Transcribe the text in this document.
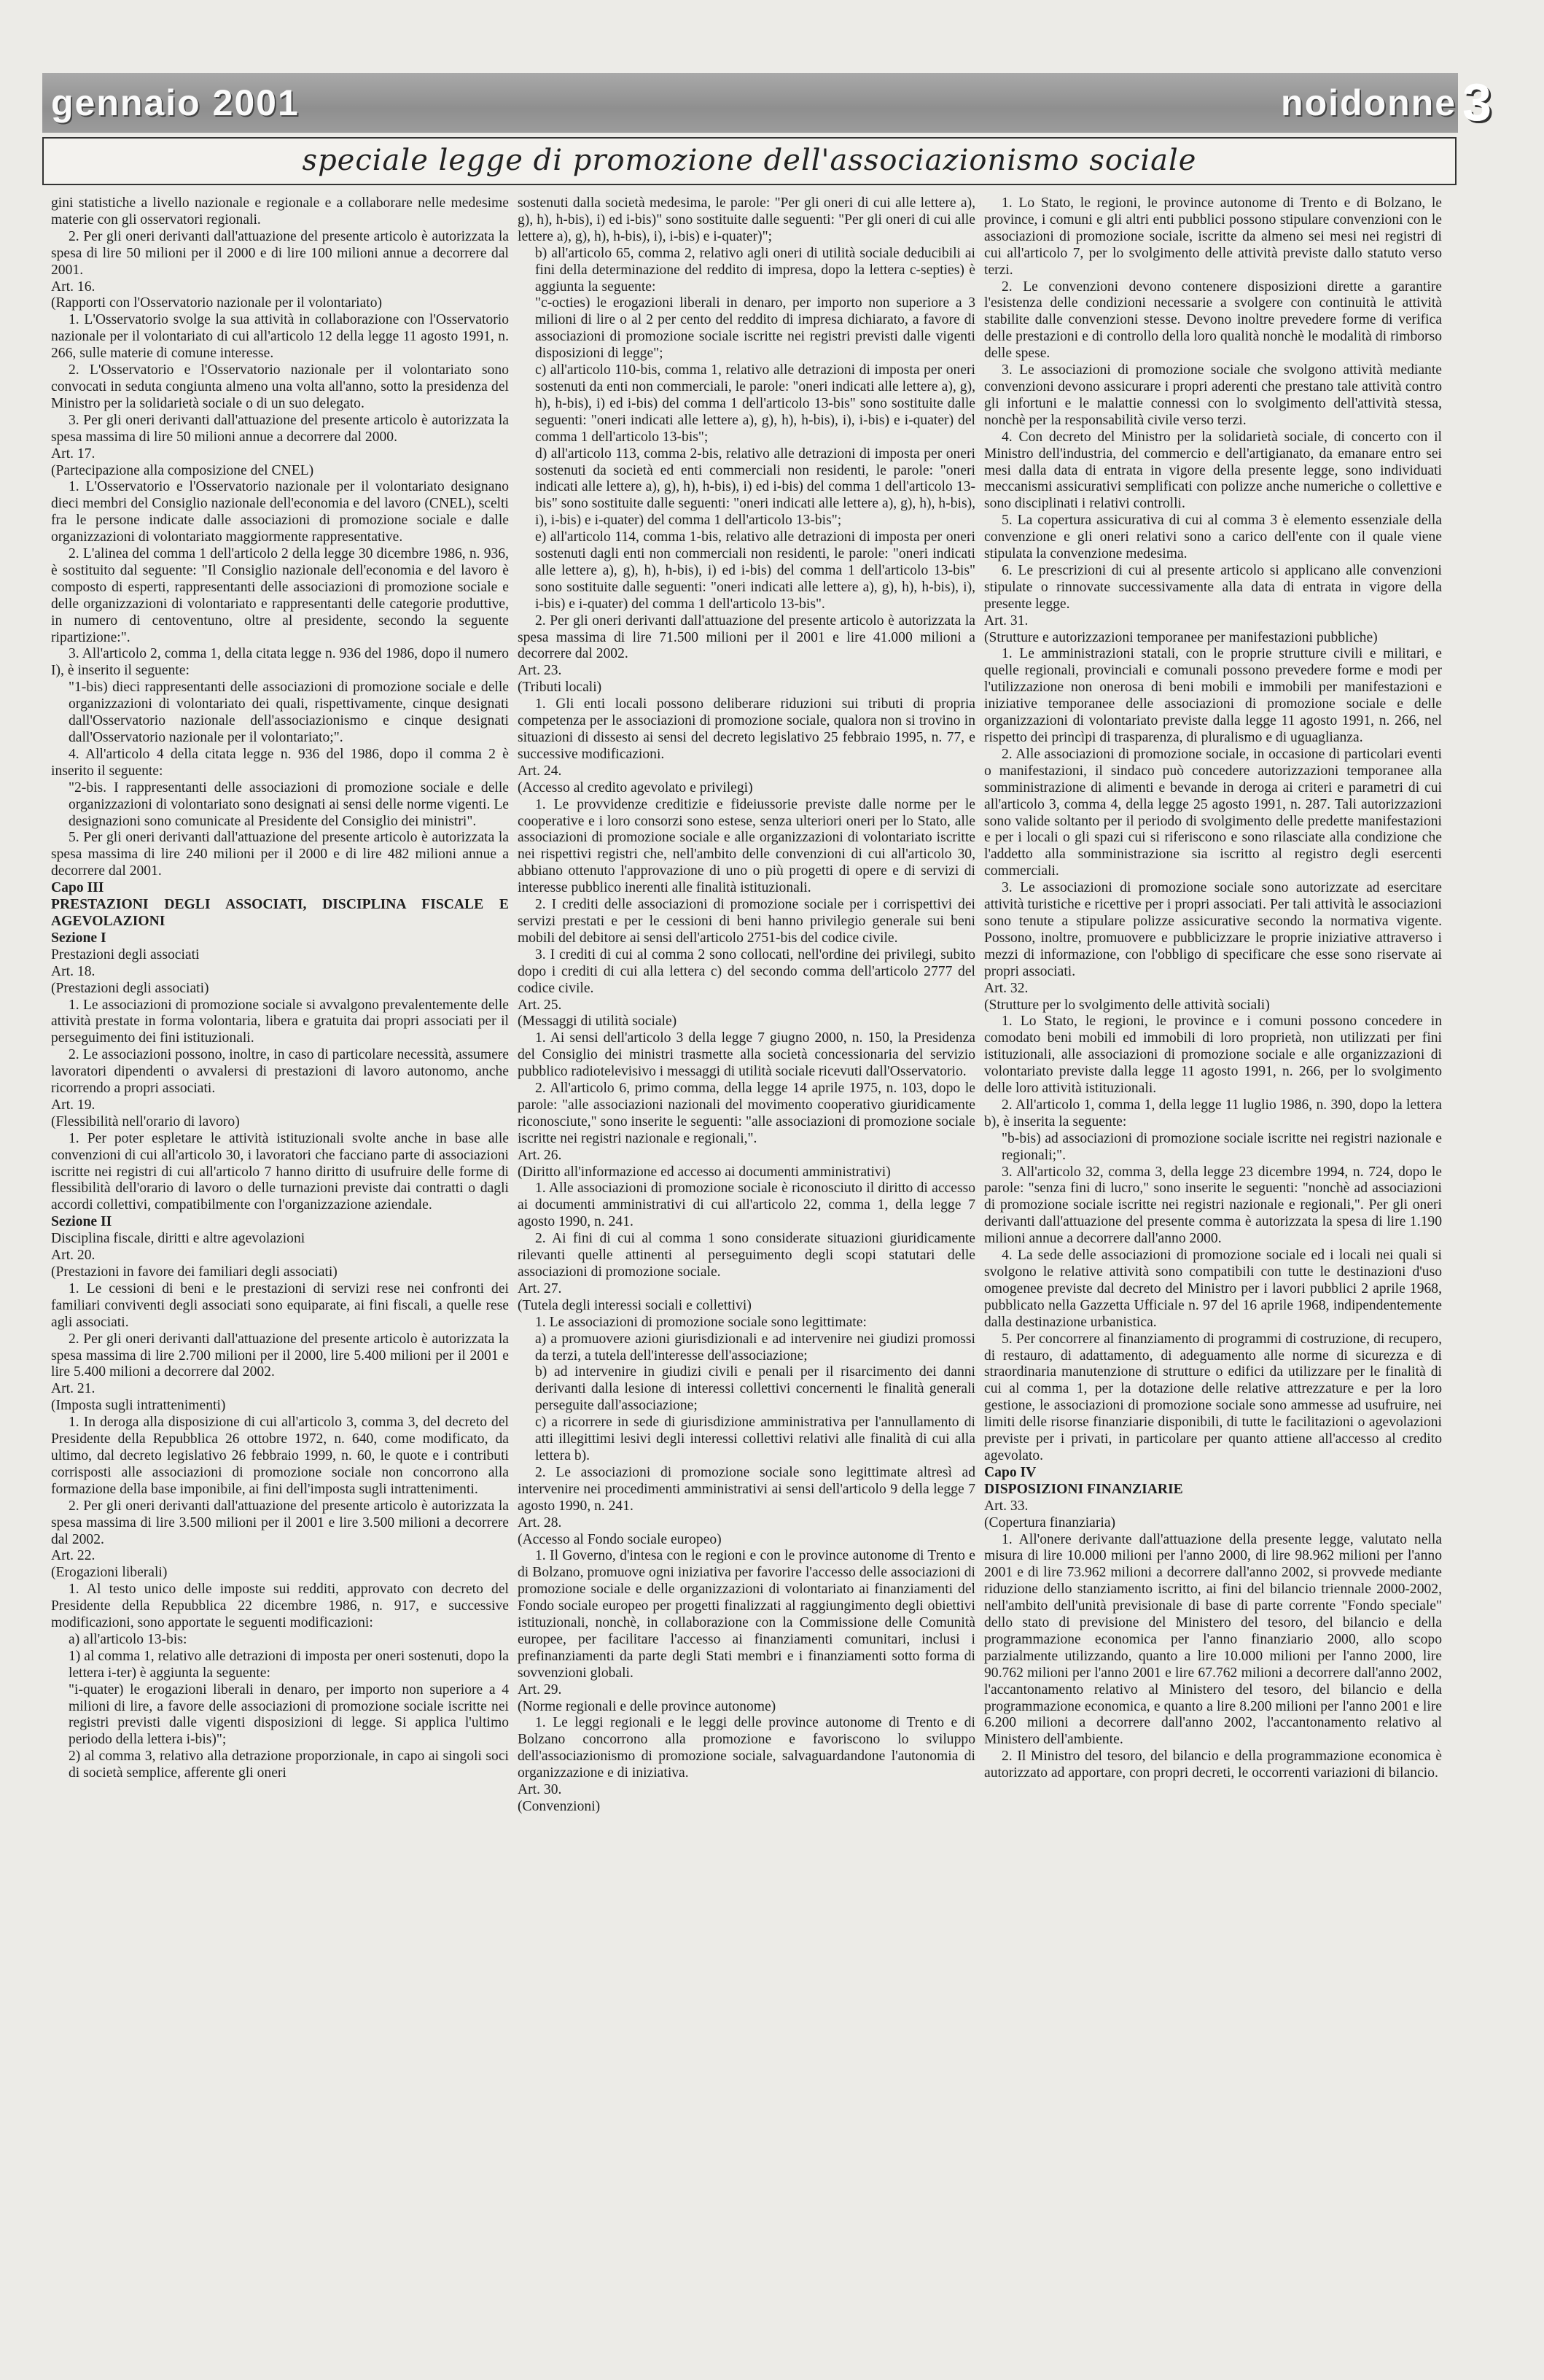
gennaio 2001	noidonne 3
speciale legge di promozione dell'associazionismo sociale

gini statistiche a livello nazionale e regionale e a collaborare nelle medesime materie con gli osservatori regionali.

2. Per gli oneri derivanti dall'attuazione del presente articolo è autorizzata la spesa di lire 50 milioni per il 2000 e di lire 100 milioni annue a decorrere dal 2001.

Art. 16.

(Rapporti con l'Osservatorio nazionale per il volontariato)

1. L'Osservatorio svolge la sua attività in collaborazione con l'Osservatorio nazionale per il volontariato di cui all'articolo 12 della legge 11 agosto 1991, n. 266, sulle materie di comune interesse.

2. L'Osservatorio e l'Osservatorio nazionale per il volontariato sono convocati in seduta congiunta almeno una volta all'anno, sotto la presidenza del Ministro per la solidarietà sociale o di un suo delegato.

3. Per gli oneri derivanti dall'attuazione del presente articolo è autorizzata la spesa massima di lire 50 milioni annue a decorrere dal 2000.

Art. 17.

(Partecipazione alla composizione del CNEL)

1. L'Osservatorio e l'Osservatorio nazionale per il volontariato designano dieci membri del Consiglio nazionale dell'economia e del lavoro (CNEL), scelti fra le persone indicate dalle associazioni di promozione sociale e dalle organizzazioni di volontariato maggiormente rappresentative.

2. L'alinea del comma 1 dell'articolo 2 della legge 30 dicembre 1986, n. 936, è sostituito dal seguente: "Il Consiglio nazionale dell'economia e del lavoro è composto di esperti, rappresentanti delle associazioni di promozione sociale e delle organizzazioni di volontariato e rappresentanti delle categorie produttive, in numero di centoventuno, oltre al presidente, secondo la seguente ripartizione:".

3. All'articolo 2, comma 1, della citata legge n. 936 del 1986, dopo il numero I), è inserito il seguente:

"1-bis) dieci rappresentanti delle associazioni di promozione sociale e delle organizzazioni di volontariato dei quali, rispettivamente, cinque designati dall'Osservatorio nazionale dell'associazionismo e cinque designati dall'Osservatorio nazionale per il volontariato;".

4. All'articolo 4 della citata legge n. 936 del 1986, dopo il comma 2 è inserito il seguente:

"2-bis. I rappresentanti delle associazioni di promozione sociale e delle organizzazioni di volontariato sono designati ai sensi delle norme vigenti. Le designazioni sono comunicate al Presidente del Consiglio dei ministri".

5. Per gli oneri derivanti dall'attuazione del presente articolo è autorizzata la spesa massima di lire 240 milioni per il 2000 e di lire 482 milioni annue a decorrere dal 2001.

Capo III

PRESTAZIONI DEGLI ASSOCIATI, DISCIPLINA FISCALE E AGEVOLAZIONI

Sezione I

Prestazioni degli associati

Art. 18.

(Prestazioni degli associati)

1. Le associazioni di promozione sociale si avvalgono prevalentemente delle attività prestate in forma volontaria, libera e gratuita dai propri associati per il perseguimento dei fini istituzionali.

2. Le associazioni possono, inoltre, in caso di particolare necessità, assumere lavoratori dipendenti o avvalersi di prestazioni di lavoro autonomo, anche ricorrendo a propri associati.

Art. 19.

(Flessibilità nell'orario di lavoro)

1. Per poter espletare le attività istituzionali svolte anche in base alle convenzioni di cui all'articolo 30, i lavoratori che facciano parte di associazioni iscritte nei registri di cui all'articolo 7 hanno diritto di usufruire delle forme di flessibilità dell'orario di lavoro o delle turnazioni previste dai contratti o dagli accordi collettivi, compatibilmente con l'organizzazione aziendale.

Sezione II

Disciplina fiscale, diritti e altre agevolazioni

Art. 20.

(Prestazioni in favore dei familiari degli associati)

1. Le cessioni di beni e le prestazioni di servizi rese nei confronti dei familiari conviventi degli associati sono equiparate, ai fini fiscali, a quelle rese agli associati.

2. Per gli oneri derivanti dall'attuazione del presente articolo è autorizzata la spesa massima di lire 2.700 milioni per il 2000, lire 5.400 milioni per il 2001 e lire 5.400 milioni a decorrere dal 2002.

Art. 21.

(Imposta sugli intrattenimenti)

1. In deroga alla disposizione di cui all'articolo 3, comma 3, del decreto del Presidente della Repubblica 26 ottobre 1972, n. 640, come modificato, da ultimo, dal decreto legislativo 26 febbraio 1999, n. 60, le quote e i contributi corrisposti alle associazioni di promozione sociale non concorrono alla formazione della base imponibile, ai fini dell'imposta sugli intrattenimenti.

2. Per gli oneri derivanti dall'attuazione del presente articolo è autorizzata la spesa massima di lire 3.500 milioni per il 2001 e lire 3.500 milioni a decorrere dal 2002.

Art. 22.

(Erogazioni liberali)

1. Al testo unico delle imposte sui redditi, approvato con decreto del Presidente della Repubblica 22 dicembre 1986, n. 917, e successive modificazioni, sono apportate le seguenti modificazioni:

a) all'articolo 13-bis:

1) al comma 1, relativo alle detrazioni di imposta per oneri sostenuti, dopo la lettera i-ter) è aggiunta la seguente:

"i-quater) le erogazioni liberali in denaro, per importo non superiore a 4 milioni di lire, a favore delle associazioni di promozione sociale iscritte nei registri previsti dalle vigenti disposizioni di legge. Si applica l'ultimo periodo della lettera i-bis)";

2) al comma 3, relativo alla detrazione proporzionale, in capo ai singoli soci di società semplice, afferente gli oneri

sostenuti dalla società medesima, le parole: "Per gli oneri di cui alle lettere a), g), h), h-bis), i) ed i-bis)" sono sostituite dalle seguenti: "Per gli oneri di cui alle lettere a), g), h), h-bis), i), i-bis) e i-quater)";

b) all'articolo 65, comma 2, relativo agli oneri di utilità sociale deducibili ai fini della determinazione del reddito di impresa, dopo la lettera c-septies) è aggiunta la seguente:

"c-octies) le erogazioni liberali in denaro, per importo non superiore a 3 milioni di lire o al 2 per cento del reddito di impresa dichiarato, a favore di associazioni di promozione sociale iscritte nei registri previsti dalle vigenti disposizioni di legge";

c) all'articolo 110-bis, comma 1, relativo alle detrazioni di imposta per oneri sostenuti da enti non commerciali, le parole: "oneri indicati alle lettere a), g), h), h-bis), i) ed i-bis) del comma 1 dell'articolo 13-bis" sono sostituite dalle seguenti: "oneri indicati alle lettere a), g), h), h-bis), i), i-bis) e i-quater) del comma 1 dell'articolo 13-bis";

d) all'articolo 113, comma 2-bis, relativo alle detrazioni di imposta per oneri sostenuti da società ed enti commerciali non residenti, le parole: "oneri indicati alle lettere a), g), h), h-bis), i) ed i-bis) del comma 1 dell'articolo 13-bis" sono sostituite dalle seguenti: "oneri indicati alle lettere a), g), h), h-bis), i), i-bis) e i-quater) del comma 1 dell'articolo 13-bis";

e) all'articolo 114, comma 1-bis, relativo alle detrazioni di imposta per oneri sostenuti dagli enti non commerciali non residenti, le parole: "oneri indicati alle lettere a), g), h), h-bis), i) ed i-bis) del comma 1 dell'articolo 13-bis" sono sostituite dalle seguenti: "oneri indicati alle lettere a), g), h), h-bis), i), i-bis) e i-quater) del comma 1 dell'articolo 13-bis".

2. Per gli oneri derivanti dall'attuazione del presente articolo è autorizzata la spesa massima di lire 71.500 milioni per il 2001 e lire 41.000 milioni a decorrere dal 2002.

Art. 23.

(Tributi locali)

1. Gli enti locali possono deliberare riduzioni sui tributi di propria competenza per le associazioni di promozione sociale, qualora non si trovino in situazioni di dissesto ai sensi del decreto legislativo 25 febbraio 1995, n. 77, e successive modificazioni.

Art. 24.

(Accesso al credito agevolato e privilegi)

1. Le provvidenze creditizie e fideiussorie previste dalle norme per le cooperative e i loro consorzi sono estese, senza ulteriori oneri per lo Stato, alle associazioni di promozione sociale e alle organizzazioni di volontariato iscritte nei rispettivi registri che, nell'ambito delle convenzioni di cui all'articolo 30, abbiano ottenuto l'approvazione di uno o più progetti di opere e di servizi di interesse pubblico inerenti alle finalità istituzionali.

2. I crediti delle associazioni di promozione sociale per i corrispettivi dei servizi prestati e per le cessioni di beni hanno privilegio generale sui beni mobili del debitore ai sensi dell'articolo 2751-bis del codice civile.

3. I crediti di cui al comma 2 sono collocati, nell'ordine dei privilegi, subito dopo i crediti di cui alla lettera c) del secondo comma dell'articolo 2777 del codice civile.

Art. 25.

(Messaggi di utilità sociale)

1. Ai sensi dell'articolo 3 della legge 7 giugno 2000, n. 150, la Presidenza del Consiglio dei ministri trasmette alla società concessionaria del servizio pubblico radiotelevisivo i messaggi di utilità sociale ricevuti dall'Osservatorio.

2. All'articolo 6, primo comma, della legge 14 aprile 1975, n. 103, dopo le parole: "alle associazioni nazionali del movimento cooperativo giuridicamente riconosciute," sono inserite le seguenti: "alle associazioni di promozione sociale iscritte nei registri nazionale e regionali,".

Art. 26.

(Diritto all'informazione ed accesso ai documenti amministrativi)

1. Alle associazioni di promozione sociale è riconosciuto il diritto di accesso ai documenti amministrativi di cui all'articolo 22, comma 1, della legge 7 agosto 1990, n. 241.

2. Ai fini di cui al comma 1 sono considerate situazioni giuridicamente rilevanti quelle attinenti al perseguimento degli scopi statutari delle associazioni di promozione sociale.

Art. 27.

(Tutela degli interessi sociali e collettivi)

1. Le associazioni di promozione sociale sono legittimate:

a) a promuovere azioni giurisdizionali e ad intervenire nei giudizi promossi da terzi, a tutela dell'interesse dell'associazione;

b) ad intervenire in giudizi civili e penali per il risarcimento dei danni derivanti dalla lesione di interessi collettivi concernenti le finalità generali perseguite dall'associazione;

c) a ricorrere in sede di giurisdizione amministrativa per l'annullamento di atti illegittimi lesivi degli interessi collettivi relativi alle finalità di cui alla lettera b).

2. Le associazioni di promozione sociale sono legittimate altresì ad intervenire nei procedimenti amministrativi ai sensi dell'articolo 9 della legge 7 agosto 1990, n. 241.

Art. 28.

(Accesso al Fondo sociale europeo)

1. Il Governo, d'intesa con le regioni e con le province autonome di Trento e di Bolzano, promuove ogni iniziativa per favorire l'accesso delle associazioni di promozione sociale e delle organizzazioni di volontariato ai finanziamenti del Fondo sociale europeo per progetti finalizzati al raggiungimento degli obiettivi istituzionali, nonchè, in collaborazione con la Commissione delle Comunità europee, per facilitare l'accesso ai finanziamenti comunitari, inclusi i prefinanziamenti da parte degli Stati membri e i finanziamenti sotto forma di sovvenzioni globali.

Art. 29.

(Norme regionali e delle province autonome)

1. Le leggi regionali e le leggi delle province autonome di Trento e di Bolzano concorrono alla promozione e favoriscono lo sviluppo dell'associazionismo di promozione sociale, salvaguardandone l'autonomia di organizzazione e di iniziativa.

Art. 30.

(Convenzioni)

1. Lo Stato, le regioni, le province autonome di Trento e di Bolzano, le province, i comuni e gli altri enti pubblici possono stipulare convenzioni con le associazioni di promozione sociale, iscritte da almeno sei mesi nei registri di cui all'articolo 7, per lo svolgimento delle attività previste dallo statuto verso terzi.

2. Le convenzioni devono contenere disposizioni dirette a garantire l'esistenza delle condizioni necessarie a svolgere con continuità le attività stabilite dalle convenzioni stesse. Devono inoltre prevedere forme di verifica delle prestazioni e di controllo della loro qualità nonchè le modalità di rimborso delle spese.

3. Le associazioni di promozione sociale che svolgono attività mediante convenzioni devono assicurare i propri aderenti che prestano tale attività contro gli infortuni e le malattie connessi con lo svolgimento dell'attività stessa, nonchè per la responsabilità civile verso terzi.

4. Con decreto del Ministro per la solidarietà sociale, di concerto con il Ministro dell'industria, del commercio e dell'artigianato, da emanare entro sei mesi dalla data di entrata in vigore della presente legge, sono individuati meccanismi assicurativi semplificati con polizze anche numeriche o collettive e sono disciplinati i relativi controlli.

5. La copertura assicurativa di cui al comma 3 è elemento essenziale della convenzione e gli oneri relativi sono a carico dell'ente con il quale viene stipulata la convenzione medesima.

6. Le prescrizioni di cui al presente articolo si applicano alle convenzioni stipulate o rinnovate successivamente alla data di entrata in vigore della presente legge.

Art. 31.

(Strutture e autorizzazioni temporanee per manifestazioni pubbliche)

1. Le amministrazioni statali, con le proprie strutture civili e militari, e quelle regionali, provinciali e comunali possono prevedere forme e modi per l'utilizzazione non onerosa di beni mobili e immobili per manifestazioni e iniziative temporanee delle associazioni di promozione sociale e delle organizzazioni di volontariato previste dalla legge 11 agosto 1991, n. 266, nel rispetto dei princìpi di trasparenza, di pluralismo e di uguaglianza.

2. Alle associazioni di promozione sociale, in occasione di particolari eventi o manifestazioni, il sindaco può concedere autorizzazioni temporanee alla somministrazione di alimenti e bevande in deroga ai criteri e parametri di cui all'articolo 3, comma 4, della legge 25 agosto 1991, n. 287. Tali autorizzazioni sono valide soltanto per il periodo di svolgimento delle predette manifestazioni e per i locali o gli spazi cui si riferiscono e sono rilasciate alla condizione che l'addetto alla somministrazione sia iscritto al registro degli esercenti commerciali.

3. Le associazioni di promozione sociale sono autorizzate ad esercitare attività turistiche e ricettive per i propri associati. Per tali attività le associazioni sono tenute a stipulare polizze assicurative secondo la normativa vigente. Possono, inoltre, promuovere e pubblicizzare le proprie iniziative attraverso i mezzi di informazione, con l'obbligo di specificare che esse sono riservate ai propri associati.

Art. 32.

(Strutture per lo svolgimento delle attività sociali)

1. Lo Stato, le regioni, le province e i comuni possono concedere in comodato beni mobili ed immobili di loro proprietà, non utilizzati per fini istituzionali, alle associazioni di promozione sociale e alle organizzazioni di volontariato previste dalla legge 11 agosto 1991, n. 266, per lo svolgimento delle loro attività istituzionali.

2. All'articolo 1, comma 1, della legge 11 luglio 1986, n. 390, dopo la lettera b), è inserita la seguente:

"b-bis) ad associazioni di promozione sociale iscritte nei registri nazionale e regionali;".

3. All'articolo 32, comma 3, della legge 23 dicembre 1994, n. 724, dopo le parole: "senza fini di lucro," sono inserite le seguenti: "nonchè ad associazioni di promozione sociale iscritte nei registri nazionale e regionali,". Per gli oneri derivanti dall'attuazione del presente comma è autorizzata la spesa di lire 1.190 milioni annue a decorrere dall'anno 2000.

4. La sede delle associazioni di promozione sociale ed i locali nei quali si svolgono le relative attività sono compatibili con tutte le destinazioni d'uso omogenee previste dal decreto del Ministro per i lavori pubblici 2 aprile 1968, pubblicato nella Gazzetta Ufficiale n. 97 del 16 aprile 1968, indipendentemente dalla destinazione urbanistica.

5. Per concorrere al finanziamento di programmi di costruzione, di recupero, di restauro, di adattamento, di adeguamento alle norme di sicurezza e di straordinaria manutenzione di strutture o edifici da utilizzare per le finalità di cui al comma 1, per la dotazione delle relative attrezzature e per la loro gestione, le associazioni di promozione sociale sono ammesse ad usufruire, nei limiti delle risorse finanziarie disponibili, di tutte le facilitazioni o agevolazioni previste per i privati, in particolare per quanto attiene all'accesso al credito agevolato.

Capo IV

DISPOSIZIONI FINANZIARIE

Art. 33.

(Copertura finanziaria)

1. All'onere derivante dall'attuazione della presente legge, valutato nella misura di lire 10.000 milioni per l'anno 2000, di lire 98.962 milioni per l'anno 2001 e di lire 73.962 milioni a decorrere dall'anno 2002, si provvede mediante riduzione dello stanziamento iscritto, ai fini del bilancio triennale 2000-2002, nell'ambito dell'unità previsionale di base di parte corrente "Fondo speciale" dello stato di previsione del Ministero del tesoro, del bilancio e della programmazione economica per l'anno finanziario 2000, allo scopo parzialmente utilizzando, quanto a lire 10.000 milioni per l'anno 2000, lire 90.762 milioni per l'anno 2001 e lire 67.762 milioni a decorrere dall'anno 2002, l'accantonamento relativo al Ministero del tesoro, del bilancio e della programmazione economica, e quanto a lire 8.200 milioni per l'anno 2001 e lire 6.200 milioni a decorrere dall'anno 2002, l'accantonamento relativo al Ministero dell'ambiente.

2. Il Ministro del tesoro, del bilancio e della programmazione economica è autorizzato ad apportare, con propri decreti, le occorrenti variazioni di bilancio.
